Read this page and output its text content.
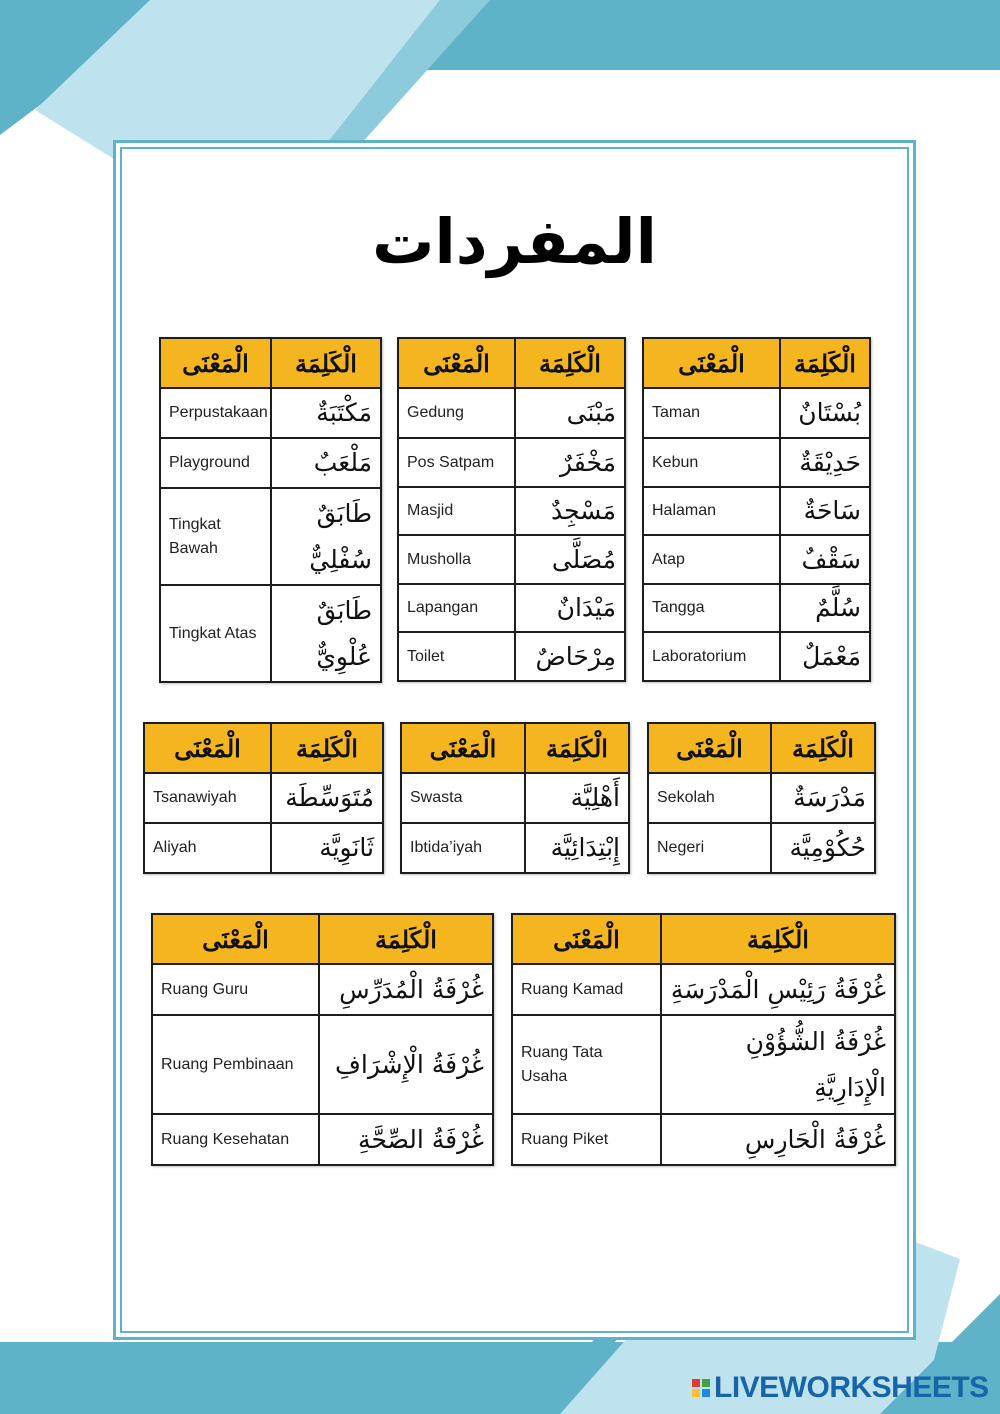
المفردات
الْمَعْنَى	الْكَلِمَة
Perpustakaan	مَكْتَبَةٌ

Playground	مَلْعَبٌ

Tingkat Bawah	طَابَقٌ
سُفْلِيٌّ

Tingkat Atas	طَابَقٌ
عُلْوِيٌّ
الْمَعْنَى	الْكَلِمَة
Gedung	مَبْنَى

Pos Satpam	مَخْفَرٌ

Masjid	مَسْجِدٌ

Musholla	مُصَلَّى

Lapangan	مَيْدَانٌ

Toilet	مِرْحَاضٌ
الْمَعْنَى	الْكَلِمَة
Taman	بُسْتَانٌ

Kebun	حَدِيْقَةٌ

Halaman	سَاحَةٌ

Atap	سَقْفٌ

Tangga	سُلَّمٌ

Laboratorium	مَعْمَلٌ
الْمَعْنَى	الْكَلِمَة
Tsanawiyah	مُتَوَسِّطَة

Aliyah	ثَانَوِيَّة
الْمَعْنَى	الْكَلِمَة
Swasta	أَهْلِيَّة

Ibtida’iyah	إِبْتِدَائِيَّة
الْمَعْنَى	الْكَلِمَة
Sekolah	مَدْرَسَةٌ

Negeri	حُكُوْمِيَّة
الْمَعْنَى	الْكَلِمَة
Ruang Guru	غُرْفَةُ الْمُدَرِّسِ

Ruang Pembinaan	غُرْفَةُ الْإِشْرَافِ

Ruang Kesehatan	غُرْفَةُ الصِّحَّةِ
الْمَعْنَى	الْكَلِمَة
Ruang Kamad	غُرْفَةُ رَئِيْسِ الْمَدْرَسَةِ

Ruang Tata Usaha	غُرْفَةُ الشُّؤُوْنِ
الْإِدَارِيَّةِ

Ruang Piket	غُرْفَةُ الْحَارِسِ
LIVEWORKSHEETS
